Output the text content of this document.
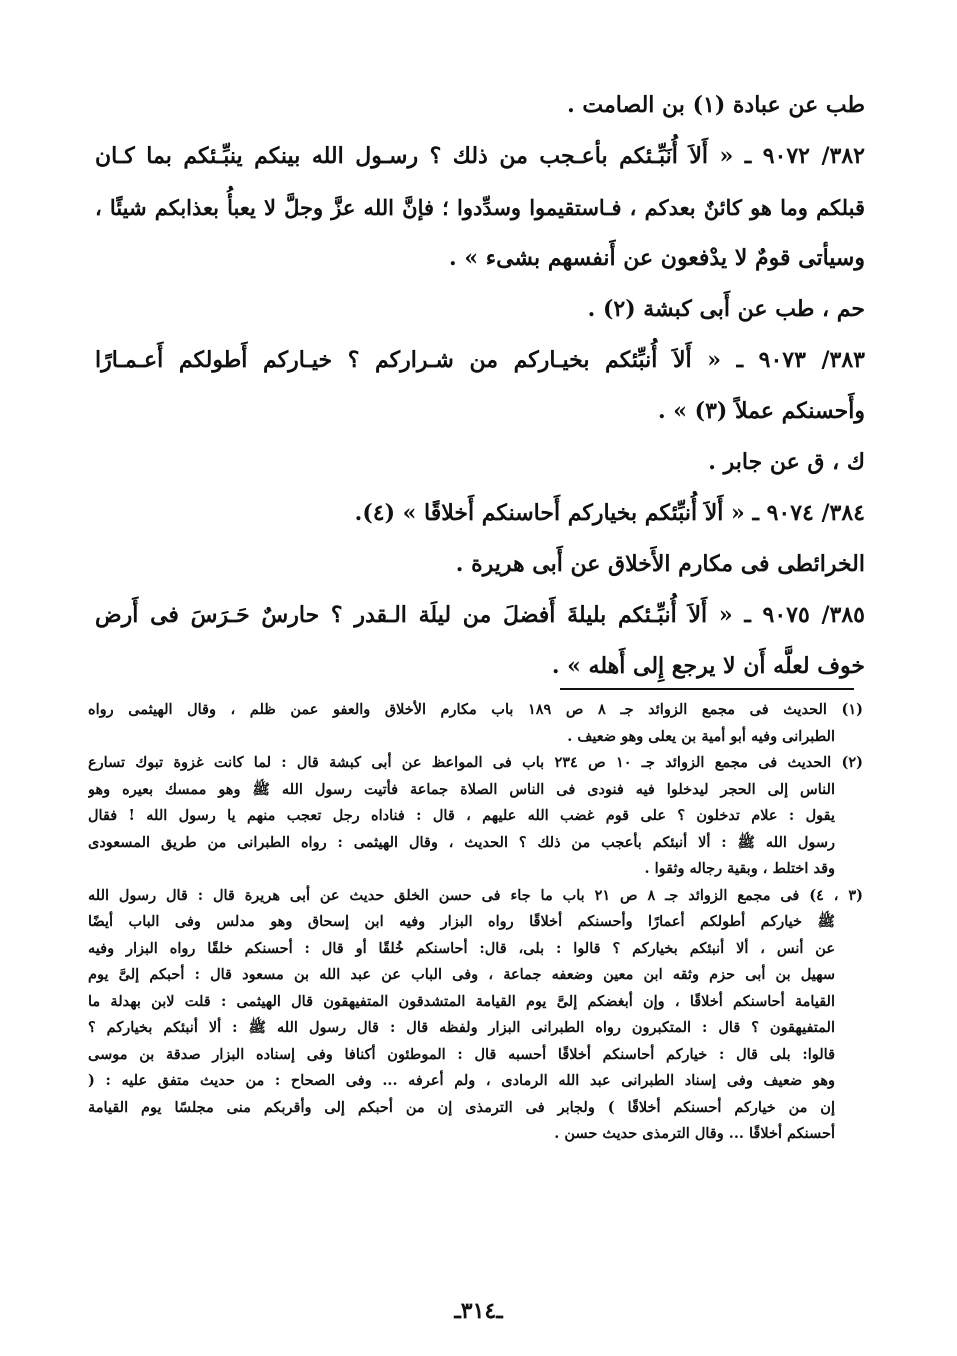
طب عن عبادة (١) بن الصامت .
٣٨٢/ ٩٠٧٢ ـ « أَلاَ أُنَبِّـئكم بأعـجب من ذلك ؟ رسـول الله بينكم ينبِّـئكم بما كـان
قبلكم وما هو كائنٌ بعدكم ، فـاستقيموا وسدِّدوا ؛ فإنَّ الله عزَّ وجلَّ لا يعبأُ بعذابكم شيئًا ،
وسيأتى قومٌ لا يدْفعون عن أَنفسهم بشىء » .
حم ، طب عن أَبى كبشة (٢) .
٣٨٣/ ٩٠٧٣ ـ « أَلاَ أُنبِّئكم بخيـاركم من شـراركم ؟ خيـاركم أَطولكم أَعـمـارًا
وأَحسنكم عملاً (٣) » .
ك ، ق عن جابر .
٣٨٤/ ٩٠٧٤ ـ « أَلاَ أُنبِّئكم بخياركم أَحاسنكم أَخلاقًا » (٤).
الخرائطى فى مكارم الأَخلاق عن أَبى هريرة .
٣٨٥/ ٩٠٧٥ ـ « أَلاَ أُنبِّـئكم بليلةَ أَفضلَ من ليلَة الـقدر ؟ حارسٌ حَـرَسَ فى أَرض
خوف لعلَّه أَن لا يرجع إِلى أَهله » .
(١) الحديث فى مجمع الزوائد جـ ٨ ص ١٨٩ باب مكارم الأخلاق والعفو عمن ظلم ، وقال الهيثمى رواه
الطبرانى وفيه أبو أمية بن يعلى وهو ضعيف .
(٢) الحديث فى مجمع الزوائد جـ ١٠ ص ٢٣٤ باب فى المواعظ عن أبى كبشة قال : لما كانت غزوة تبوك تسارع
الناس إلى الحجر ليدخلوا فيه فنودى فى الناس الصلاة جماعة فأتيت رسول الله ﷺ وهو ممسك بعيره وهو
يقول : علام تدخلون ؟ على قوم غضب الله عليهم ، قال : فناداه رجل تعجب منهم يا رسول الله ! فقال
رسول الله ﷺ : ألا أنبئكم بأعجب من ذلك ؟ الحديث ، وقال الهيثمى : رواه الطبرانى من طريق المسعودى
وقد اختلط ، وبقية رجاله وثقوا .
(٣ ، ٤) فى مجمع الزوائد جـ ٨ ص ٢١ باب ما جاء فى حسن الخلق حديث عن أبى هريرة قال : قال رسول الله
ﷺ خياركم أطولكم أعمارًا وأحسنكم أخلاقًا رواه البزار وفيه ابن إسحاق وهو مدلس وفى الباب أيضًا
عن أنس ، ألا أنبئكم بخياركم ؟ قالوا : بلى، قال: أحاسنكم خُلقًا أو قال : أحسنكم خلقًا رواه البزار وفيه
سهيل بن أبى حزم وثقه ابن معين وضعفه جماعة ، وفى الباب عن عبد الله بن مسعود قال : أحبكم إلىَّ يوم
القيامة أحاسنكم أخلاقًا ، وإن أبغضكم إلىَّ يوم القيامة المتشدقون المتفيهقون قال الهيثمى : قلت لابن بهدلة ما
المتفيهقون ؟ قال : المتكبرون رواه الطبرانى البزار ولفظه قال : قال رسول الله ﷺ : ألا أنبئكم بخياركم ؟
قالوا: بلى قال : خياركم أحاسنكم أخلاقًا أحسبه قال : الموطئون أكنافا وفى إسناده البزار صدقة بن موسى
وهو ضعيف وفى إسناد الطبرانى عبد الله الرمادى ، ولم أعرفه ... وفى الصحاح : من حديث متفق عليه : (
إن من خياركم أحسنكم أخلاقًا ) ولجابر فى الترمذى إن من أحبكم إلى وأقربكم منى مجلسًا يوم القيامة
أحسنكم أخلاقًا ... وقال الترمذى حديث حسن .
ـ٣١٤ـ
